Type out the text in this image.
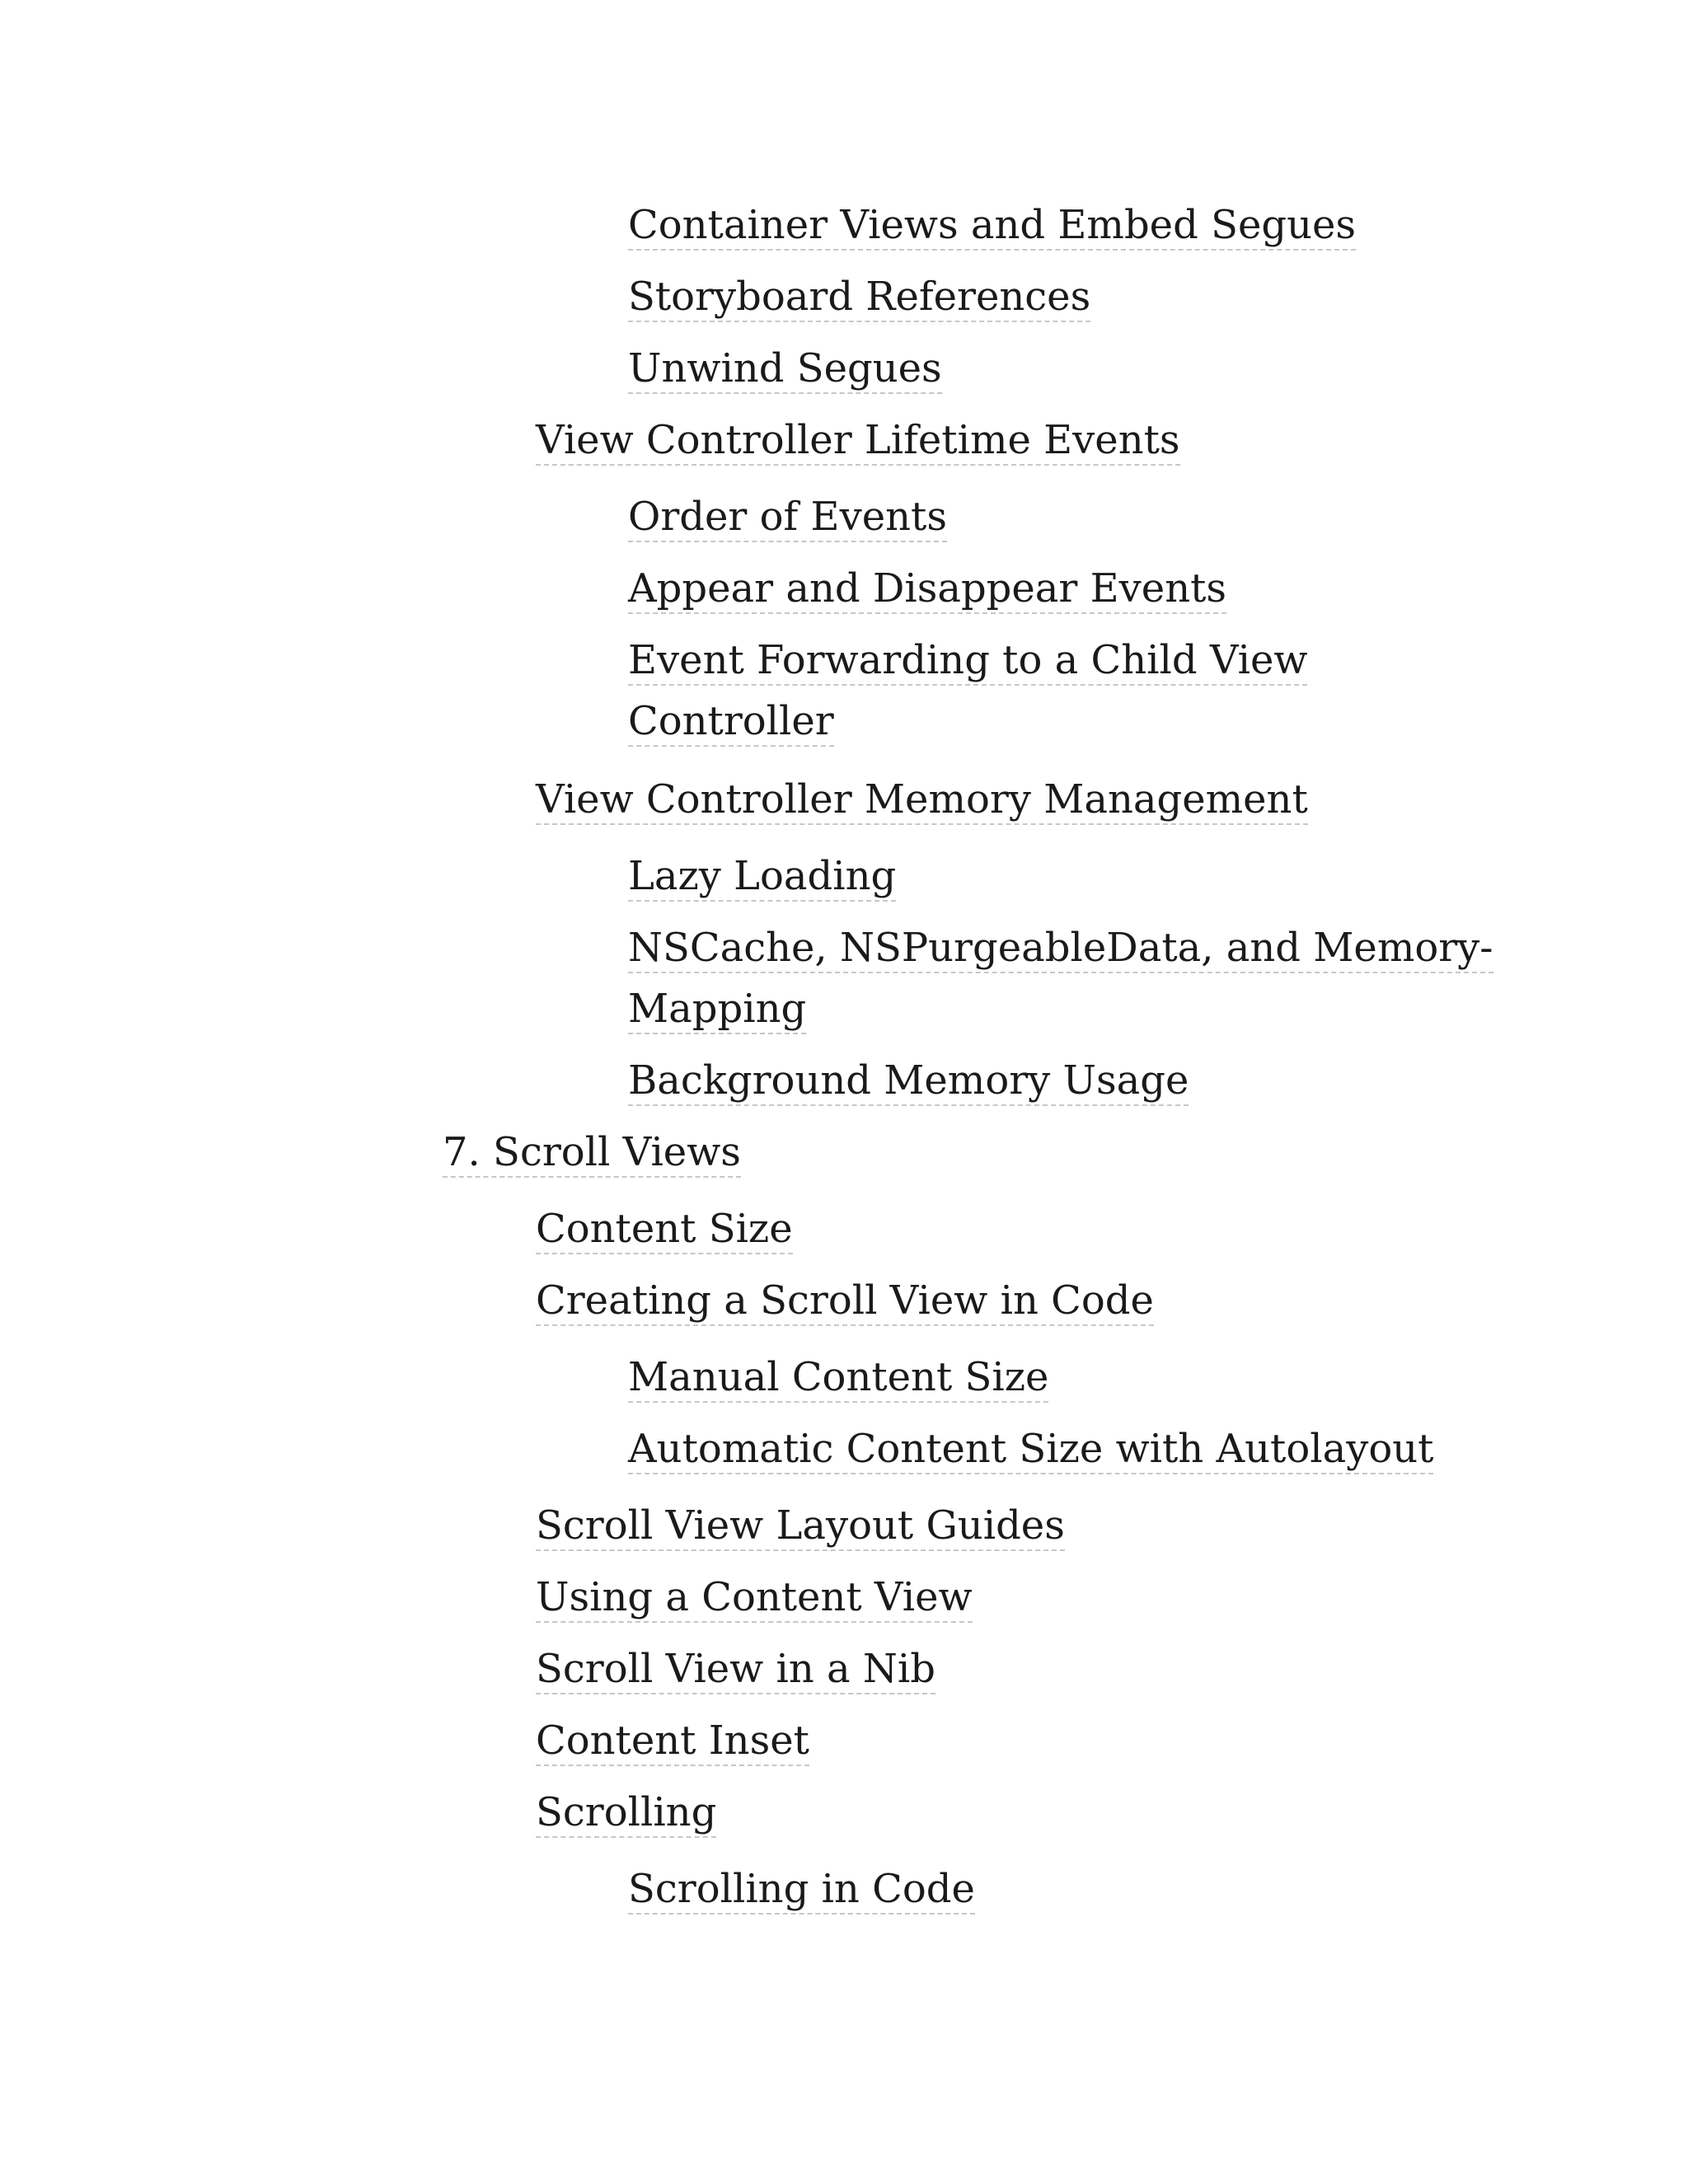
Container Views and Embed Segues
Storyboard References
Unwind Segues
View Controller Lifetime Events
Order of Events
Appear and Disappear Events
Event Forwarding to a Child View
Controller
View Controller Memory Management
Lazy Loading
NSCache, NSPurgeableData, and Memory-
Mapping
Background Memory Usage
7. Scroll Views
Content Size
Creating a Scroll View in Code
Manual Content Size
Automatic Content Size with Autolayout
Scroll View Layout Guides
Using a Content View
Scroll View in a Nib
Content Inset
Scrolling
Scrolling in Code
